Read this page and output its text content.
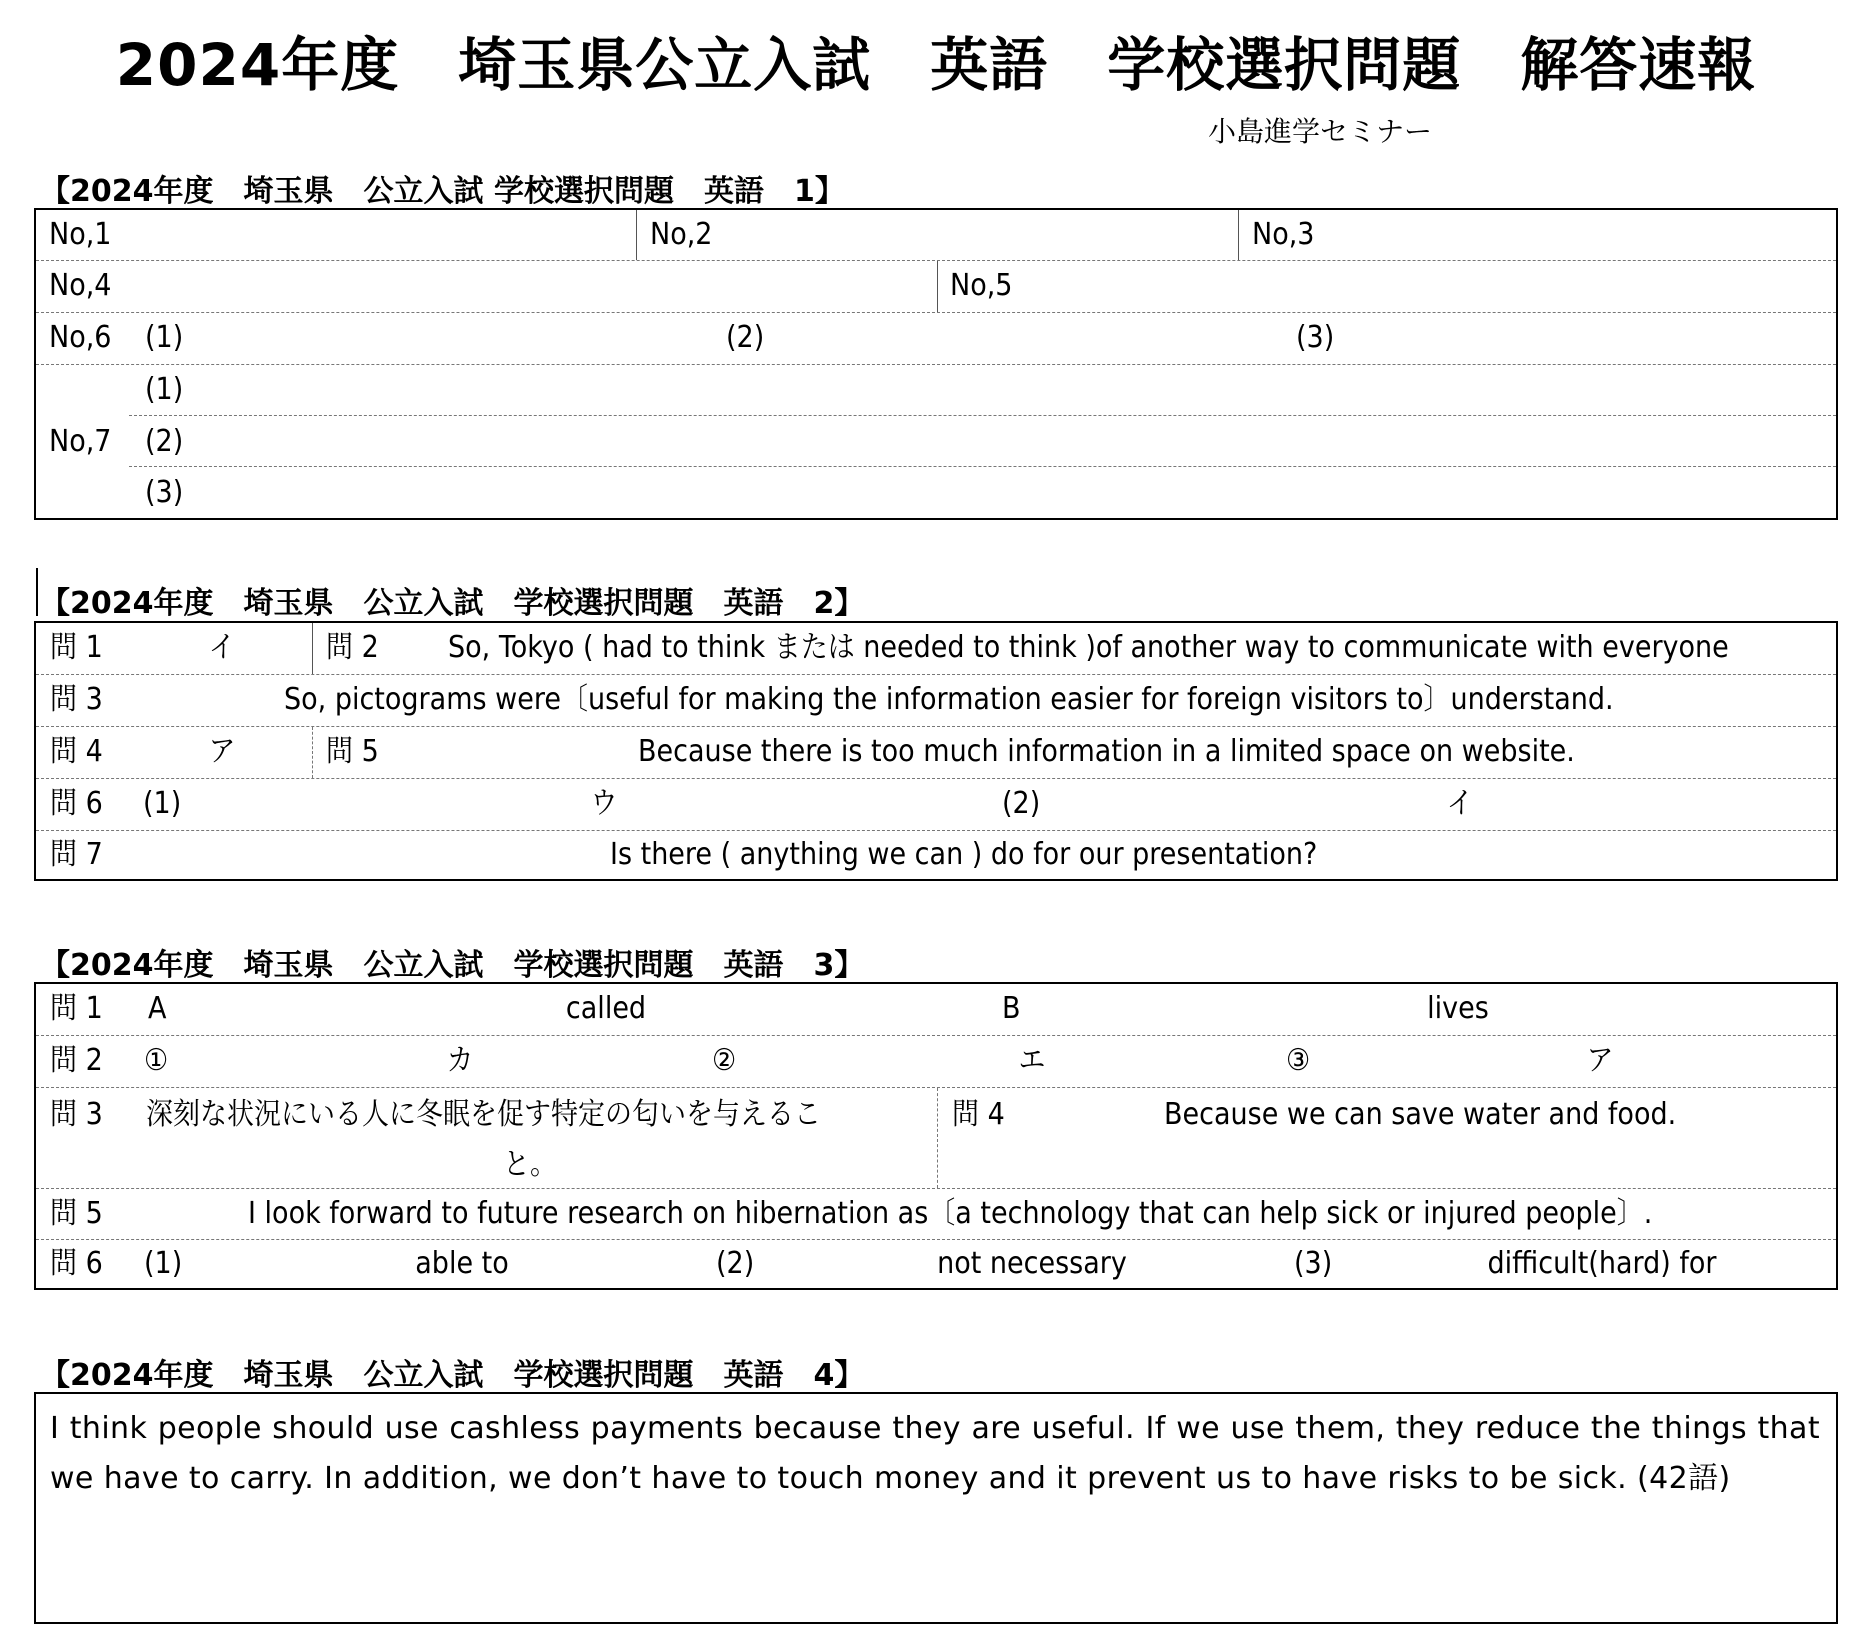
2024年度　埼玉県公立入試　英語　学校選択問題　解答速報
小島進学セミナー
【2024年度　埼玉県　公立入試 学校選択問題　英語　1】
No,1	No,2	No,3
No,4	No,5
No,6 (1)	(2)	(3)
No,7
(1)
(2)
(3)
【2024年度　埼玉県　公立入試　学校選択問題　英語　2】
問 1	イ	問 2 So, Tokyo ( had to think または needed to think )of another way to communicate with everyone
問 3	So, pictograms were〔useful for making the information easier for foreign visitors to〕understand.
問 4	ア	問 5	Because there is too much information in a limited space on website.
問 6 (1)	ウ	(2)	イ
問 7	Is there ( anything we can ) do for our presentation?
【2024年度　埼玉県　公立入試　学校選択問題　英語　3】
問 1 A	called	B	lives
問 2 ①	カ	②	エ	③	ア
問 3 深刻な状況にいる人に冬眠を促す特定の匂いを与えるこ
と。
問 4	Because we can save water and food.
問 5	I look forward to future research on hibernation as〔a technology that can help sick or injured people〕.
問 6 (1)	able to	(2)	not necessary	(3)	difficult(hard) for
【2024年度　埼玉県　公立入試　学校選択問題　英語　4】
I think people should use cashless payments because they are useful. If we use them, they reduce the things that we have to carry. In addition, we don’t have to touch money and it prevent us to have risks to be sick. (42語)
